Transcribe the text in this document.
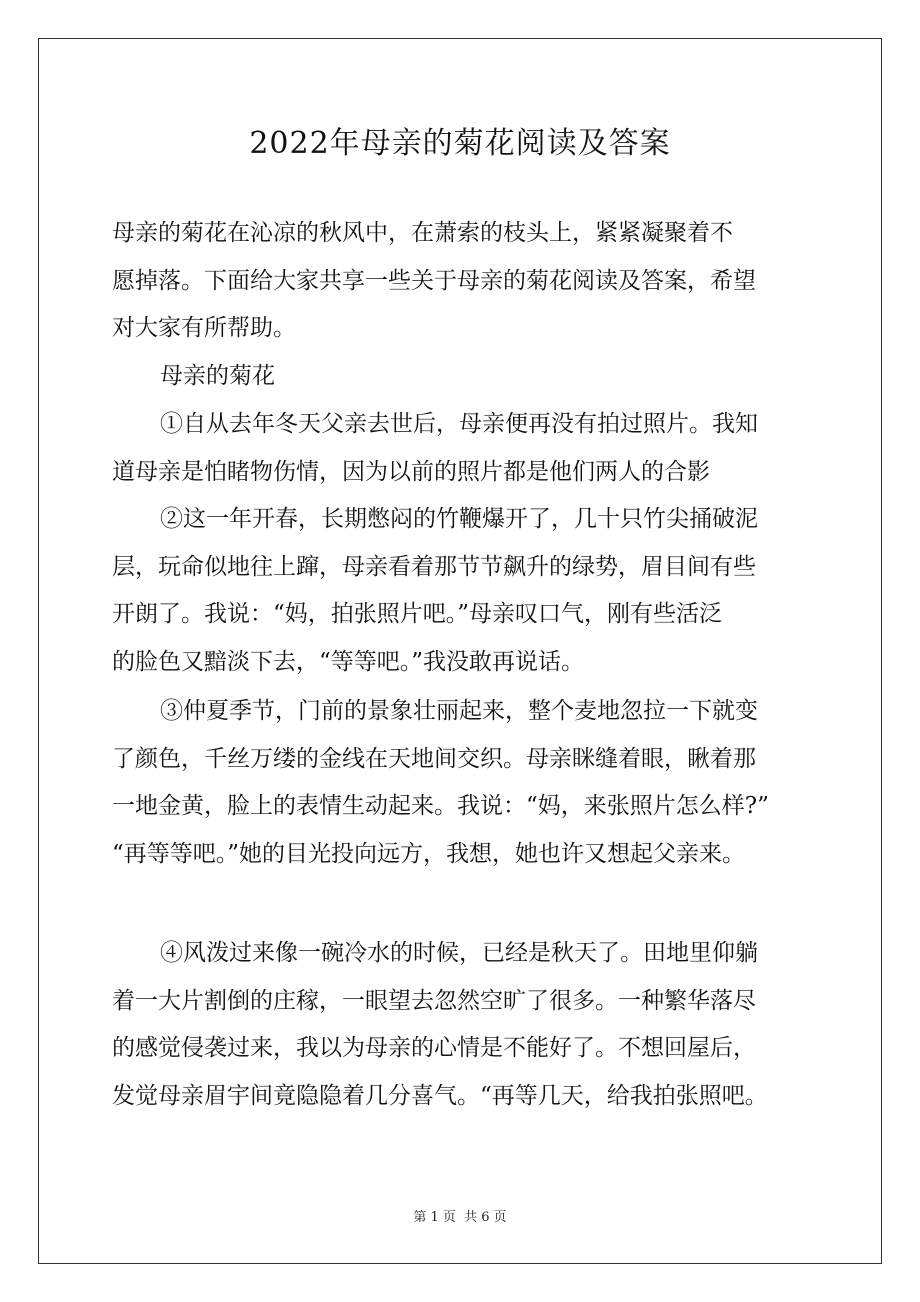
2022年母亲的菊花阅读及答案
母亲的菊花在沁凉的秋风中，在萧索的枝头上，紧紧凝聚着不
愿掉落。下面给大家共享一些关于母亲的菊花阅读及答案，希望
对大家有所帮助。
母亲的菊花
①自从去年冬天父亲去世后，母亲便再没有拍过照片。我知
道母亲是怕睹物伤情，因为以前的照片都是他们两人的合影
②这一年开春，长期憋闷的竹鞭爆开了，几十只竹尖捅破泥
层，玩命似地往上蹿，母亲看着那节节飙升的绿势，眉目间有些
开朗了。我说：“妈，拍张照片吧。”母亲叹口气，刚有些活泛
的脸色又黯淡下去，“等等吧。”我没敢再说话。
③仲夏季节，门前的景象壮丽起来，整个麦地忽拉一下就变
了颜色，千丝万缕的金线在天地间交织。母亲眯缝着眼，瞅着那
一地金黄，脸上的表情生动起来。我说：“妈，来张照片怎么样?”
“再等等吧。”她的目光投向远方，我想，她也许又想起父亲来。
④风泼过来像一碗冷水的时候，已经是秋天了。田地里仰躺
着一大片割倒的庄稼，一眼望去忽然空旷了很多。一种繁华落尽
的感觉侵袭过来，我以为母亲的心情是不能好了。不想回屋后，
发觉母亲眉宇间竟隐隐着几分喜气。“再等几天，给我拍张照吧。
第 1 页 共 6 页
